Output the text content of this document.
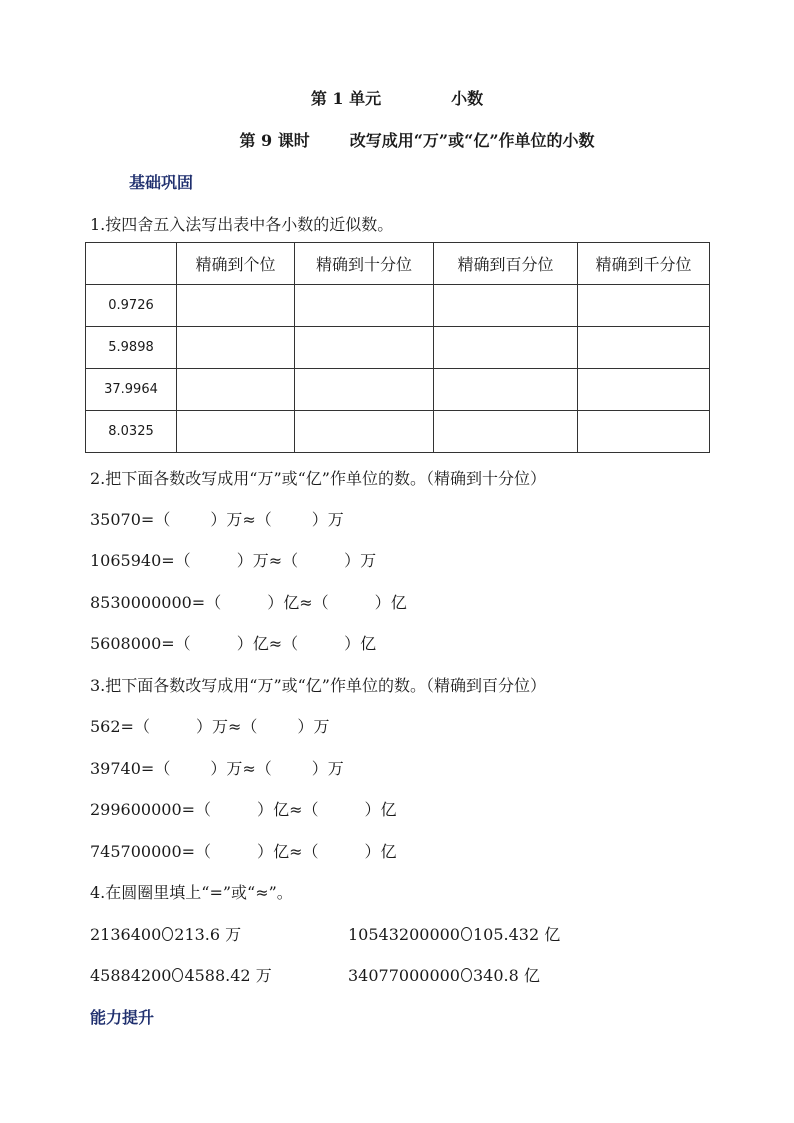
第 1 单元	小数
第 9 课时	改写成用“万”或“亿”作单位的小数
基础巩固
1.按四舍五入法写出表中各小数的近似数。
	精确到个位	精确到十分位	精确到百分位	精确到千分位
0.9726				
5.9898				
37.9964				
8.0325				
2.把下面各数改写成用“万”或“亿”作单位的数。（精确到十分位）
35070=（	）万≈（	）万
1065940=（	）万≈（	）万
8530000000=（	）亿≈（	）亿
5608000=（	）亿≈（	）亿
3.把下面各数改写成用“万”或“亿”作单位的数。（精确到百分位）
562=（	）万≈（	）万
39740=（	）万≈（	）万
299600000=（	）亿≈（	）亿
745700000=（	）亿≈（	）亿
4.在圆圈里填上“=”或“≈”。
2136400 213.6 万	10543200000 105.432 亿
45884200 4588.42 万	34077000000 340.8 亿
能力提升
